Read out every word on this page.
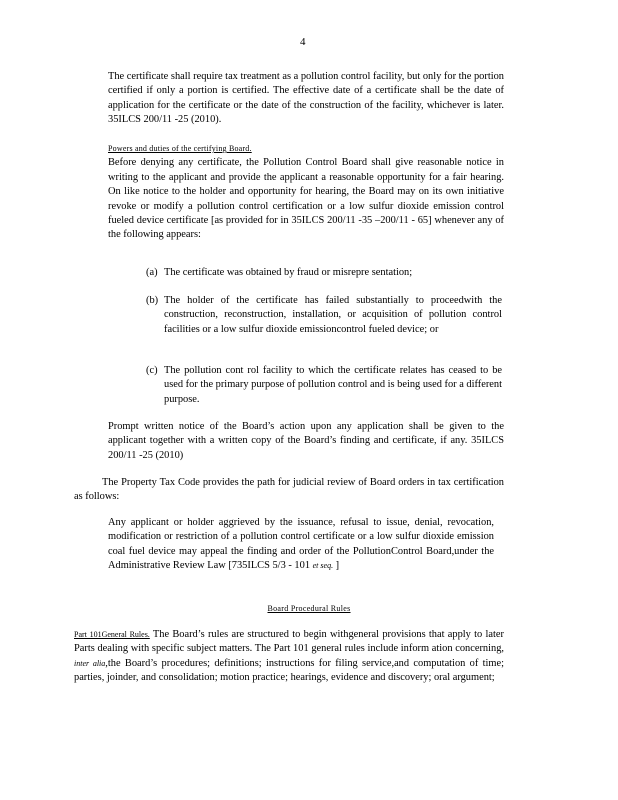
4

The certificate shall require tax treatment as a pollution control facility, but only for the portion certified if only a portion is certified. The effective date of a certificate shall be the date of application for the certificate or the date of the construction of the facility, whichever is later. 35ILCS 200/11 -25 (2010).

Powers and duties of the certifying Board.
Before denying any certificate, the Pollution Control Board shall give reasonable notice in writing to the applicant and provide the applicant a reasonable opportunity for a fair hearing. On like notice to the holder and opportunity for hearing, the Board may on its own initiative revoke or modify a pollution control certification or a low sulfur dioxide emission control fueled device certificate [as provided for in 35ILCS 200/11 -35 –200/11 - 65] whenever any of the following appears:

(a) The certificate was obtained by fraud or misrepre sentation;
(b) The holder of the certificate has failed substantially to proceedwith the construction, reconstruction, installation, or acquisition of pollution control facilities or a low sulfur dioxide emissioncontrol fueled device; or
(c) The pollution cont rol facility to which the certificate relates has ceased to be used for the primary purpose of pollution control and is being used for a different purpose.

Prompt written notice of the Board’s action upon any application shall be given to the applicant together with a written copy of the Board’s finding and certificate, if any. 35ILCS 200/11 -25 (2010)

The Property Tax Code provides the path for judicial review of Board orders in tax certification as follows:

Any applicant or holder aggrieved by the issuance, refusal to issue, denial, revocation, modification or restriction of a pollution control certificate or a low sulfur dioxide emission coal fuel device may appeal the finding and order of the PollutionControl Board,under the Administrative Review Law [735ILCS 5/3 - 101 et seq. ]

Board Procedural Rules

Part 101General Rules. The Board’s rules are structured to begin withgeneral provisions that apply to later Parts dealing with specific subject matters. The Part 101 general rules include inform ation concerning, inter alia,the Board’s procedures; definitions; instructions for filing service,and computation of time; parties, joinder, and consolidation; motion practice; hearings, evidence and discovery; oral argument;
